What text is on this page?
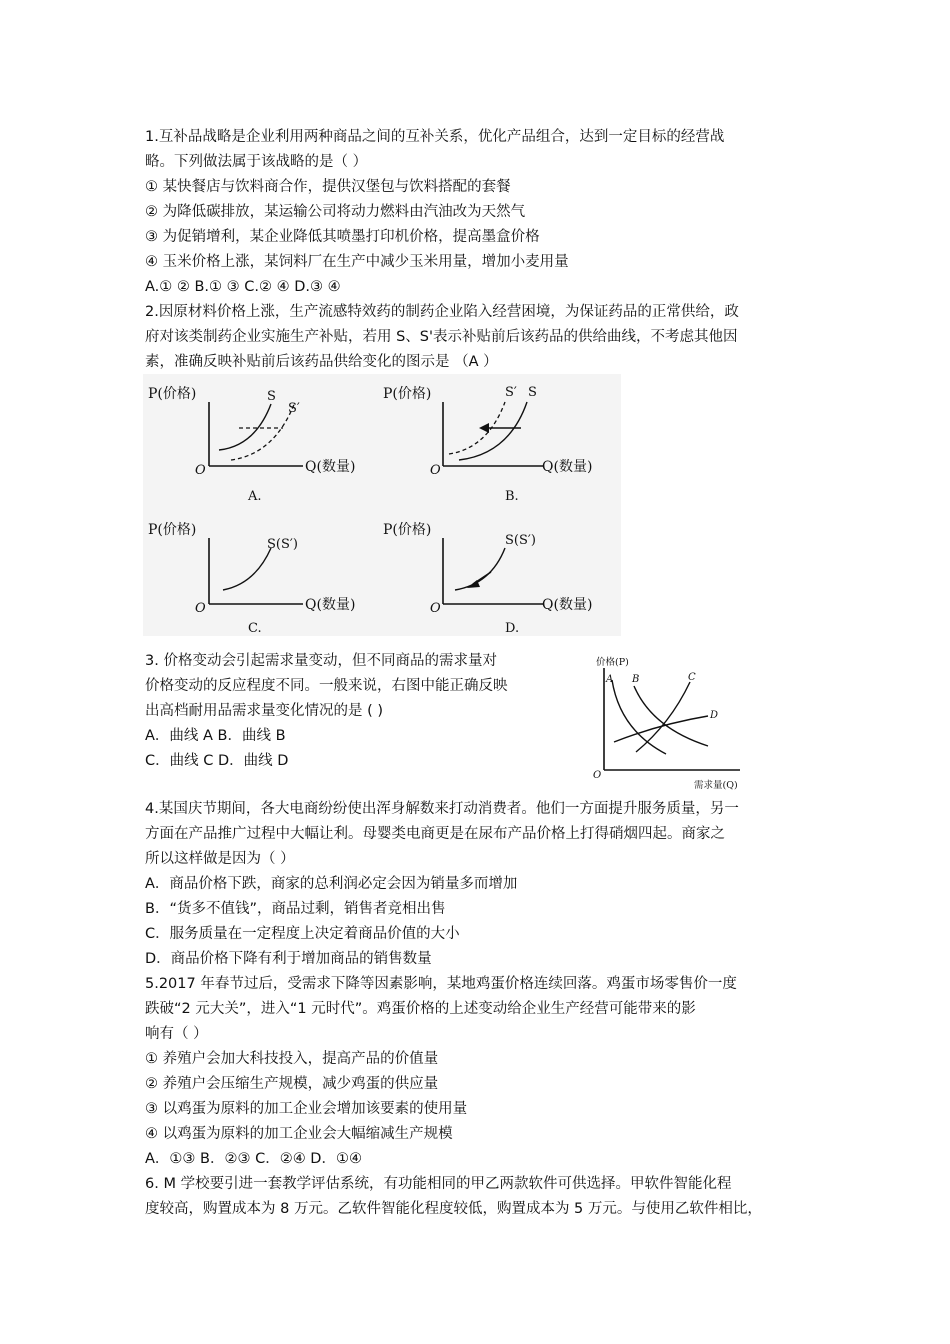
1.互补品战略是企业利用两种商品之间的互补关系，优化产品组合，达到一定目标的经营战
略。下列做法属于该战略的是（ ）
① 某快餐店与饮料商合作，提供汉堡包与饮料搭配的套餐
② 为降低碳排放，某运输公司将动力燃料由汽油改为天然气
③ 为促销增利，某企业降低其喷墨打印机价格，提高墨盒价格
④ 玉米价格上涨，某饲料厂在生产中减少玉米用量，增加小麦用量
A.① ② B.① ③ C.② ④ D.③ ④
2.因原材料价格上涨，生产流感特效药的制药企业陷入经营困境，为保证药品的正常供给，政
府对该类制药企业实施生产补贴，若用 S、S'表示补贴前后该药品的供给曲线，不考虑其他因
素，准确反映补贴前后该药品供给变化的图示是 （A ）
P(价格)
O	Q(数量)
S
S′
A.
P(价格)
O	Q(数量)
S′ S
B.
P(价格)
O	Q(数量)
S(S′)
C.
P(价格)
O	Q(数量)
S(S′)
D.
3. 价格变动会引起需求量变动，但不同商品的需求量对
价格变动的反应程度不同。一般来说，右图中能正确反映
出高档耐用品需求量变化情况的是 ( )
A．曲线 A B．曲线 B
C．曲线 C D．曲线 D
价格(P)
O
需求量(Q)
A B	C
D
4.某国庆节期间，各大电商纷纷使出浑身解数来打动消费者。他们一方面提升服务质量，另一
方面在产品推广过程中大幅让利。母婴类电商更是在尿布产品价格上打得硝烟四起。商家之
所以这样做是因为（ ）
A．商品价格下跌，商家的总利润必定会因为销量多而增加
B．“货多不值钱”，商品过剩，销售者竞相出售
C．服务质量在一定程度上决定着商品价值的大小
D．商品价格下降有利于增加商品的销售数量
5.2017 年春节过后，受需求下降等因素影响，某地鸡蛋价格连续回落。鸡蛋市场零售价一度
跌破“2 元大关”，进入“1 元时代”。鸡蛋价格的上述变动给企业生产经营可能带来的影
响有（ ）
① 养殖户会加大科技投入，提高产品的价值量
② 养殖户会压缩生产规模，减少鸡蛋的供应量
③ 以鸡蛋为原料的加工企业会增加该要素的使用量
④ 以鸡蛋为原料的加工企业会大幅缩减生产规模
A．①③ B．②③ C．②④ D．①④
6. M 学校要引进一套教学评估系统，有功能相同的甲乙两款软件可供选择。甲软件智能化程
度较高，购置成本为 8 万元。乙软件智能化程度较低，购置成本为 5 万元。与使用乙软件相比，
